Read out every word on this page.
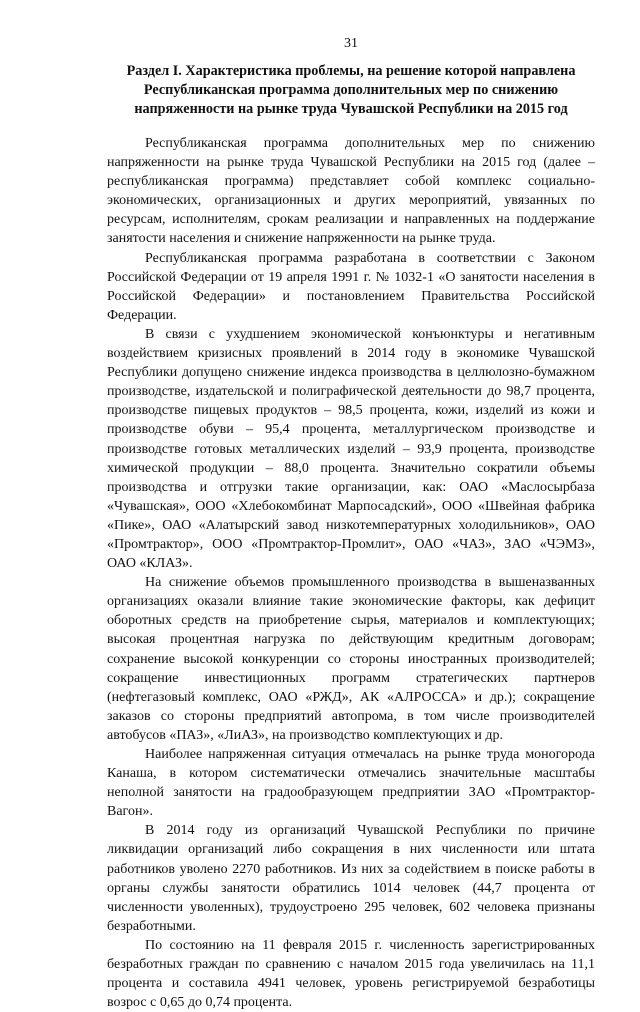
31
Раздел I. Характеристика проблемы, на решение которой направлена Республиканская программа дополнительных мер по снижению напряженности на рынке труда Чувашской Республики на 2015 год

Республиканская программа дополнительных мер по снижению напряженности на рынке труда Чувашской Республики на 2015 год (далее – республиканская программа) представляет собой комплекс социально-экономических, организационных и других мероприятий, увязанных по ресурсам, исполнителям, срокам реализации и направленных на поддержание занятости населения и снижение напряженности на рынке труда.

Республиканская программа разработана в соответствии с Законом Российской Федерации от 19 апреля 1991 г. № 1032-1 «О занятости населения в Российской Федерации» и постановлением Правительства Российской Федерации.

В связи с ухудшением экономической конъюнктуры и негативным воздействием кризисных проявлений в 2014 году в экономике Чувашской Республики допущено снижение индекса производства в целлюлозно-бумажном производстве, издательской и полиграфической деятельности до 98,7 процента, производстве пищевых продуктов – 98,5 процента, кожи, изделий из кожи и производстве обуви – 95,4 процента, металлургическом производстве и производстве готовых металлических изделий – 93,9 процента, производстве химической продукции – 88,0 процента. Значительно сократили объемы производства и отгрузки такие организации, как: ОАО «Маслосырбаза «Чувашская», ООО «Хлебокомбинат Марпосадский», ООО «Швейная фабрика «Пике», ОАО «Алатырский завод низкотемпературных холодильников», ОАО «Промтрактор», ООО «Промтрактор-Промлит», ОАО «ЧАЗ», ЗАО «ЧЭМЗ», ОАО «КЛАЗ».

На снижение объемов промышленного производства в вышеназванных организациях оказали влияние такие экономические факторы, как дефицит оборотных средств на приобретение сырья, материалов и комплектующих; высокая процентная нагрузка по действующим кредитным договорам; сохранение высокой конкуренции со стороны иностранных производителей; сокращение инвестиционных программ стратегических партнеров (нефтегазовый комплекс, ОАО «РЖД», АК «АЛРОССА» и др.); сокращение заказов со стороны предприятий автопрома, в том числе производителей автобусов «ПАЗ», «ЛиАЗ», на производство комплектующих и др.

Наиболее напряженная ситуация отмечалась на рынке труда моногорода Канаша, в котором систематически отмечались значительные масштабы неполной занятости на градообразующем предприятии ЗАО «Промтрактор-Вагон».

В 2014 году из организаций Чувашской Республики по причине ликвидации организаций либо сокращения в них численности или штата работников уволено 2270 работников. Из них за содействием в поиске работы в органы службы занятости обратились 1014 человек (44,7 процента от численности уволенных), трудоустроено 295 человек, 602 человека признаны безработными.

По состоянию на 11 февраля 2015 г. численность зарегистрированных безработных граждан по сравнению с началом 2015 года увеличилась на 11,1 процента и составила 4941 человек, уровень регистрируемой безработицы возрос с 0,65 до 0,74 процента.
